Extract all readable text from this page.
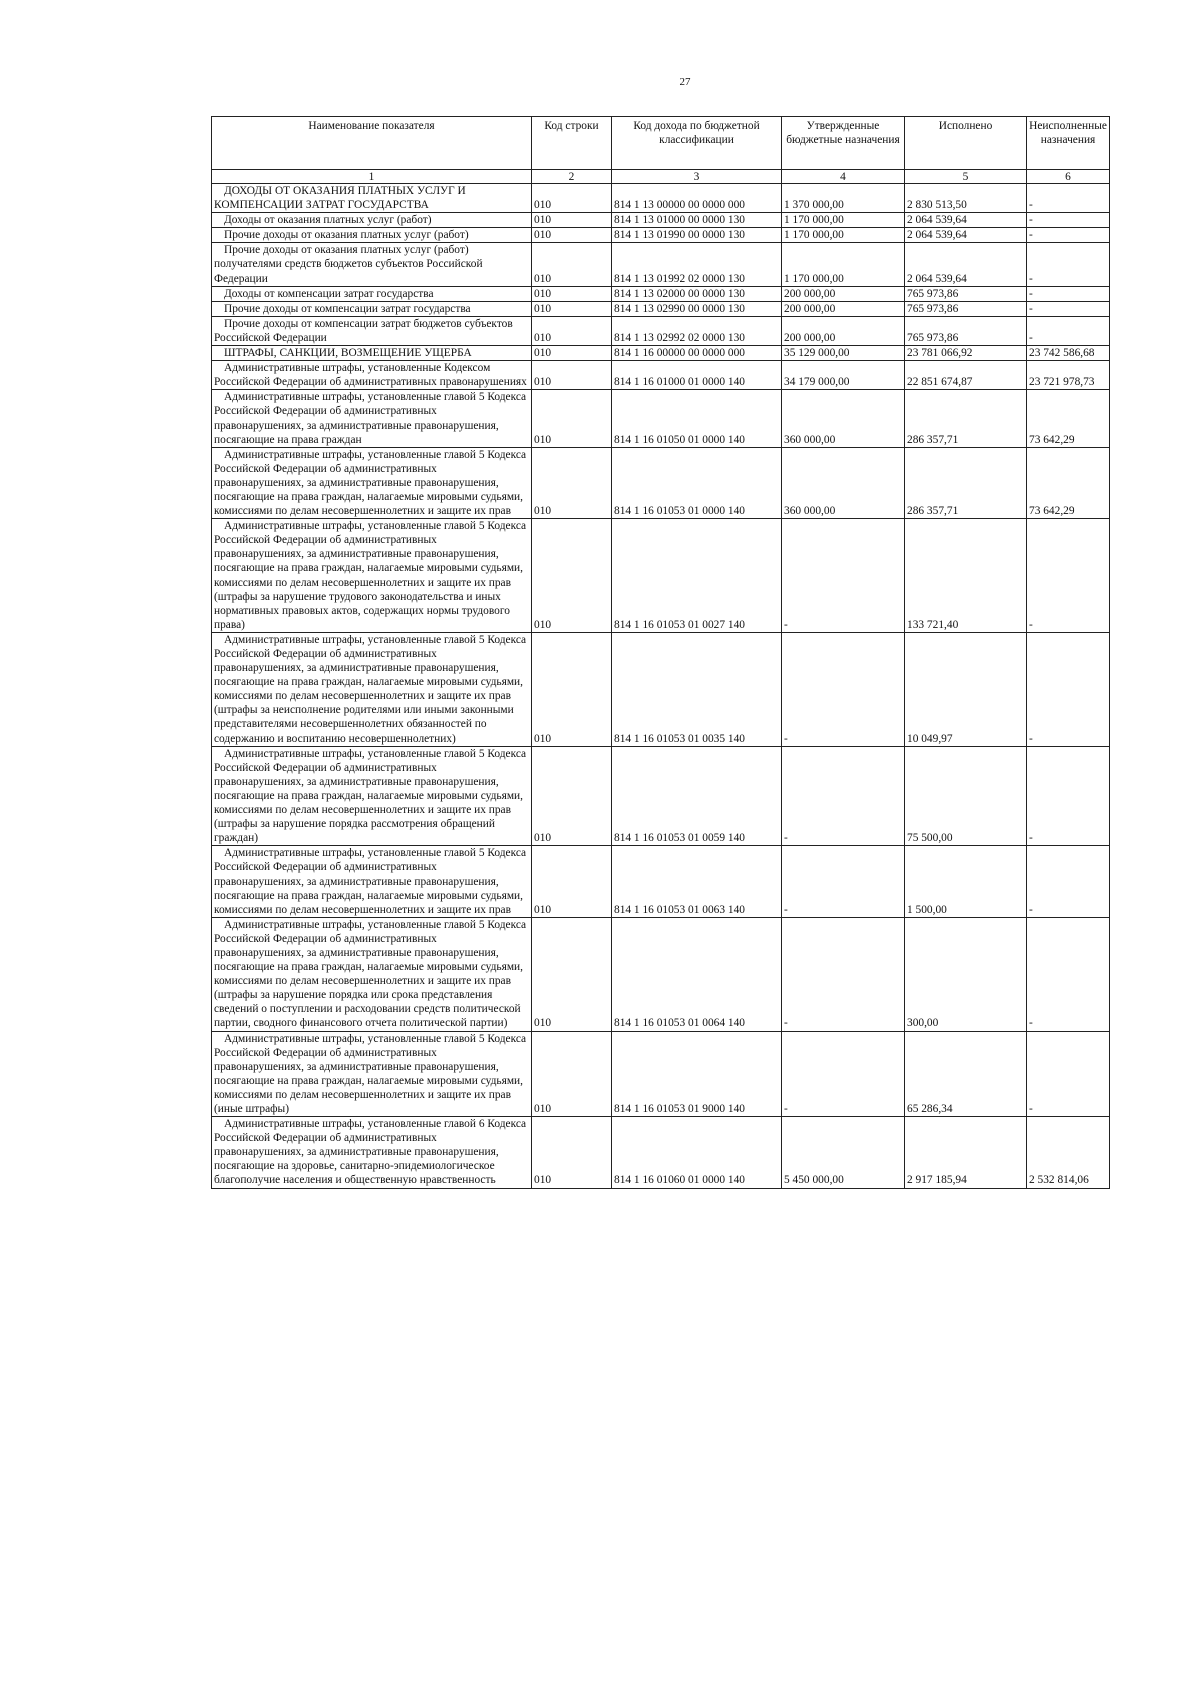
27
Наименование показателя	Код строки	Код дохода по бюджетной классификации	Утвержденные бюджетные назначения	Исполнено	Неисполненные назначения
1	2	3	4	5	6
ДОХОДЫ ОТ ОКАЗАНИЯ ПЛАТНЫХ УСЛУГ И КОМПЕНСАЦИИ ЗАТРАТ ГОСУДАРСТВА	010	814 1 13 00000 00 0000 000	1 370 000,00	2 830 513,50	-
Доходы от оказания платных услуг (работ)	010	814 1 13 01000 00 0000 130	1 170 000,00	2 064 539,64	-
Прочие доходы от оказания платных услуг (работ)	010	814 1 13 01990 00 0000 130	1 170 000,00	2 064 539,64	-
Прочие доходы от оказания платных услуг (работ) получателями средств бюджетов субъектов Российской Федерации	010	814 1 13 01992 02 0000 130	1 170 000,00	2 064 539,64	-
Доходы от компенсации затрат государства	010	814 1 13 02000 00 0000 130	200 000,00	765 973,86	-
Прочие доходы от компенсации затрат государства	010	814 1 13 02990 00 0000 130	200 000,00	765 973,86	-
Прочие доходы от компенсации затрат бюджетов субъектов Российской Федерации	010	814 1 13 02992 02 0000 130	200 000,00	765 973,86	-
ШТРАФЫ, САНКЦИИ, ВОЗМЕЩЕНИЕ УЩЕРБА	010	814 1 16 00000 00 0000 000	35 129 000,00	23 781 066,92	23 742 586,68
Административные штрафы, установленные Кодексом Российской Федерации об административных правонарушениях	010	814 1 16 01000 01 0000 140	34 179 000,00	22 851 674,87	23 721 978,73
Административные штрафы, установленные главой 5 Кодекса Российской Федерации об административных правонарушениях, за административные правонарушения, посягающие на права граждан	010	814 1 16 01050 01 0000 140	360 000,00	286 357,71	73 642,29
Административные штрафы, установленные главой 5 Кодекса Российской Федерации об административных правонарушениях, за административные правонарушения, посягающие на права граждан, налагаемые мировыми судьями, комиссиями по делам несовершеннолетних и защите их прав	010	814 1 16 01053 01 0000 140	360 000,00	286 357,71	73 642,29
Административные штрафы, установленные главой 5 Кодекса Российской Федерации об административных правонарушениях, за административные правонарушения, посягающие на права граждан, налагаемые мировыми судьями, комиссиями по делам несовершеннолетних и защите их прав (штрафы за нарушение трудового законодательства и иных нормативных правовых актов, содержащих нормы трудового права)	010	814 1 16 01053 01 0027 140	-	133 721,40	-
Административные штрафы, установленные главой 5 Кодекса Российской Федерации об административных правонарушениях, за административные правонарушения, посягающие на права граждан, налагаемые мировыми судьями, комиссиями по делам несовершеннолетних и защите их прав (штрафы за неисполнение родителями или иными законными представителями несовершеннолетних обязанностей по содержанию и воспитанию несовершеннолетних)	010	814 1 16 01053 01 0035 140	-	10 049,97	-
Административные штрафы, установленные главой 5 Кодекса Российской Федерации об административных правонарушениях, за административные правонарушения, посягающие на права граждан, налагаемые мировыми судьями, комиссиями по делам несовершеннолетних и защите их прав (штрафы за нарушение порядка рассмотрения обращений граждан)	010	814 1 16 01053 01 0059 140	-	75 500,00	-
Административные штрафы, установленные главой 5 Кодекса Российской Федерации об административных правонарушениях, за административные правонарушения, посягающие на права граждан, налагаемые мировыми судьями, комиссиями по делам несовершеннолетних и защите их прав	010	814 1 16 01053 01 0063 140	-	1 500,00	-
Административные штрафы, установленные главой 5 Кодекса Российской Федерации об административных правонарушениях, за административные правонарушения, посягающие на права граждан, налагаемые мировыми судьями, комиссиями по делам несовершеннолетних и защите их прав (штрафы за нарушение порядка или срока представления сведений о поступлении и расходовании средств политической партии, сводного финансового отчета политической партии)	010	814 1 16 01053 01 0064 140	-	300,00	-
Административные штрафы, установленные главой 5 Кодекса Российской Федерации об административных правонарушениях, за административные правонарушения, посягающие на права граждан, налагаемые мировыми судьями, комиссиями по делам несовершеннолетних и защите их прав (иные штрафы)	010	814 1 16 01053 01 9000 140	-	65 286,34	-
Административные штрафы, установленные главой 6 Кодекса Российской Федерации об административных правонарушениях, за административные правонарушения, посягающие на здоровье, санитарно-эпидемиологическое благополучие населения и общественную нравственность	010	814 1 16 01060 01 0000 140	5 450 000,00	2 917 185,94	2 532 814,06
